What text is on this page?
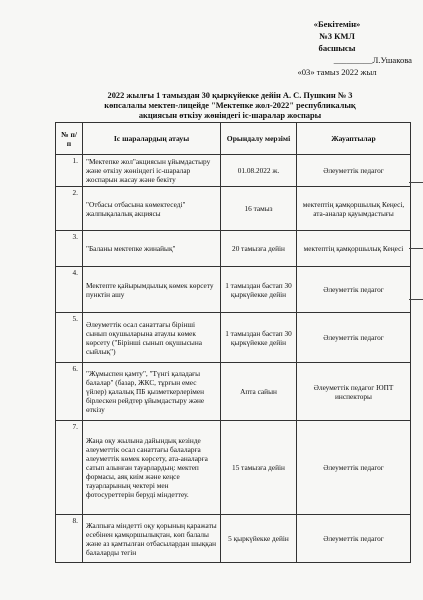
«Бекітемін»
№3 КМЛ
басшысы
_________Л.Ушакова
«03» тамыз 2022 жыл
2022 жылғы 1 тамыздан 30 қыркүйекке дейін А. С. Пушкин № 3
көпсалалы мектеп-лицейде "Мектепке жол-2022" республикалық
акциясын өткізу жөніндегі іс-шаралар жоспары
№ п/п	Іс шаралардың атауы	Орындалу мерзімі	Жауаптылар
1.	"Мектепке жол"акциясын ұйымдастыру және өткізу жөніндегі іс-шаралар жоспарын жасау және бекіту	01.08.2022 ж.	Әлеуметтік педагог
2.	"Отбасы отбасына көмектеседі" жалпықалалық акциясы	16 тамыз	мектептің қамқоршылық Кеңесі, ата-аналар қауымдастығы
3.	"Баланы мектепке жинайық"	20 тамызға дейін	мектептің қамқоршылық Кеңесі
4.	Мектепте қайырымдылық көмек көрсету пунктін ашу	1 тамыздан бастап 30 қыркүйекке дейін	Әлеуметтік педагог
5.	Әлеуметтік осал санаттағы бірінші сынып оқушыларына атаулы көмек көрсету ("Бірінші сынып оқушысына сыйлық")	1 тамыздан бастап 30 қыркүйекке дейін	Әлеуметтік педагог
6.	"Жұмыспен қамту", "Түнгі қаладағы балалар" (базар, ЖКС, тұрғын емес үйлер) қалалық ПБ қызметкерлерімен бірлескен рейдтер ұйымдастыру және өткізу	Апта сайын	Әлеуметтік педагог ЮПТ инспекторы
7.	Жаңа оқу жылына дайындық кезінде әлеуметтік осал санаттағы балаларға әлеуметтік көмек көрсету, ата-аналарға сатып алынған тауарлардың: мектеп формасы, аяқ киім және кеңсе тауарларының чектері мен фотосуреттерін беруді міндеттеу.	15 тамызға дейін	Әлеуметтік педагог
8.	Жалпыға міндетті оқу қорының қаражаты есебінен қамқоршылықтан, көп балалы және аз қамтылған отбасылардан шыққан балаларды тегін	5 қыркүйекке дейін	Әлеуметтік педагог
